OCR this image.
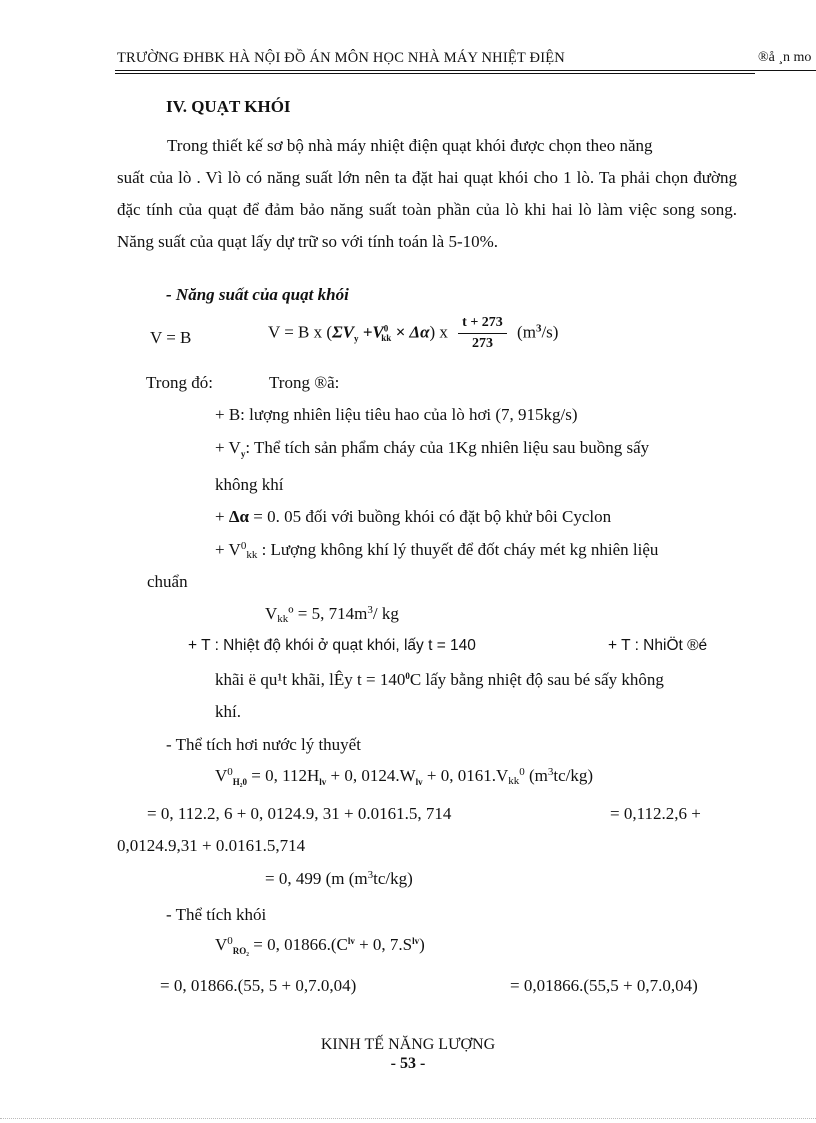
TRƯỜNG ĐHBK HÀ NỘI ĐỒ ÁN MÔN HỌC NHÀ MÁY NHIỆT ĐIỆN	®å ¸n mo
IV. QUẠT KHÓI
Trong thiết kế sơ bộ nhà máy nhiệt điện quạt khói được chọn theo năng
suất của lò . Vì lò có năng suất lớn nên ta đặt hai quạt khói cho 1 lò. Ta phải chọn đường đặc tính của quạt để đảm bảo năng suất toàn phần của lò khi hai lò làm việc song song. Năng suất của quạt lấy dự trữ so với tính toán là 5-10%.
- Năng suất của quạt khói
V = B	V = B x $(\Sigma V_y +V^0_{kk} \times \Delta\alpha)$ x $\frac{t + 273}{273} (m^3/s)$
Trong đó:	Trong ®ã:
+ B: lượng nhiên liệu tiêu hao của lò hơi (7, 915kg/s)
+ $V_y$: Thể tích sản phẩm cháy của 1Kg nhiên liệu sau buồng sấy
không khí
+ Δα = 0. 05 đối với buồng khói có đặt bộ khử bôi Cyclon
+ $V^0_{kk}$ : Lượng không khí lý thuyết để đốt cháy mét kg nhiên liệu
chuẩn
$V_{kk}º = 5$, $714m^3/$ kg
+ T : Nhiệt độ khói ở quạt khói, lấy t = 140	+ T : NhiÖt ®é
khãi ë qu¹t khãi, lÊy $t = 140^0C$ lấy bằng nhiệt độ sau bé sấy không
khí.
- Thể tích hơi nước lý thuyết
$V^0_{H_20} = 0$, $112H_{lv} + 0$, $0124.W_{lv} + 0$, $0161.V_{kk}^0$ $(m^3tc/kg)$
= 0, 112.2, 6 + 0, 0124.9, 31 + 0.0161.5, 714	= 0,112.2,6 +
0,0124.9,31 + 0.0161.5,714
= 0, 499 (m $(m^3tc/kg)$
- Thể tích khói
$V^0_{RO_2} = 0$, $01866.(C^{lv} + 0$, $7.S^{lv}$)
= 0, 01866.(55, 5 + 0,7.0,04)	= 0,01866.(55,5 + 0,7.0,04)
KINH TẾ NĂNG LƯỢNG
- 53 -
